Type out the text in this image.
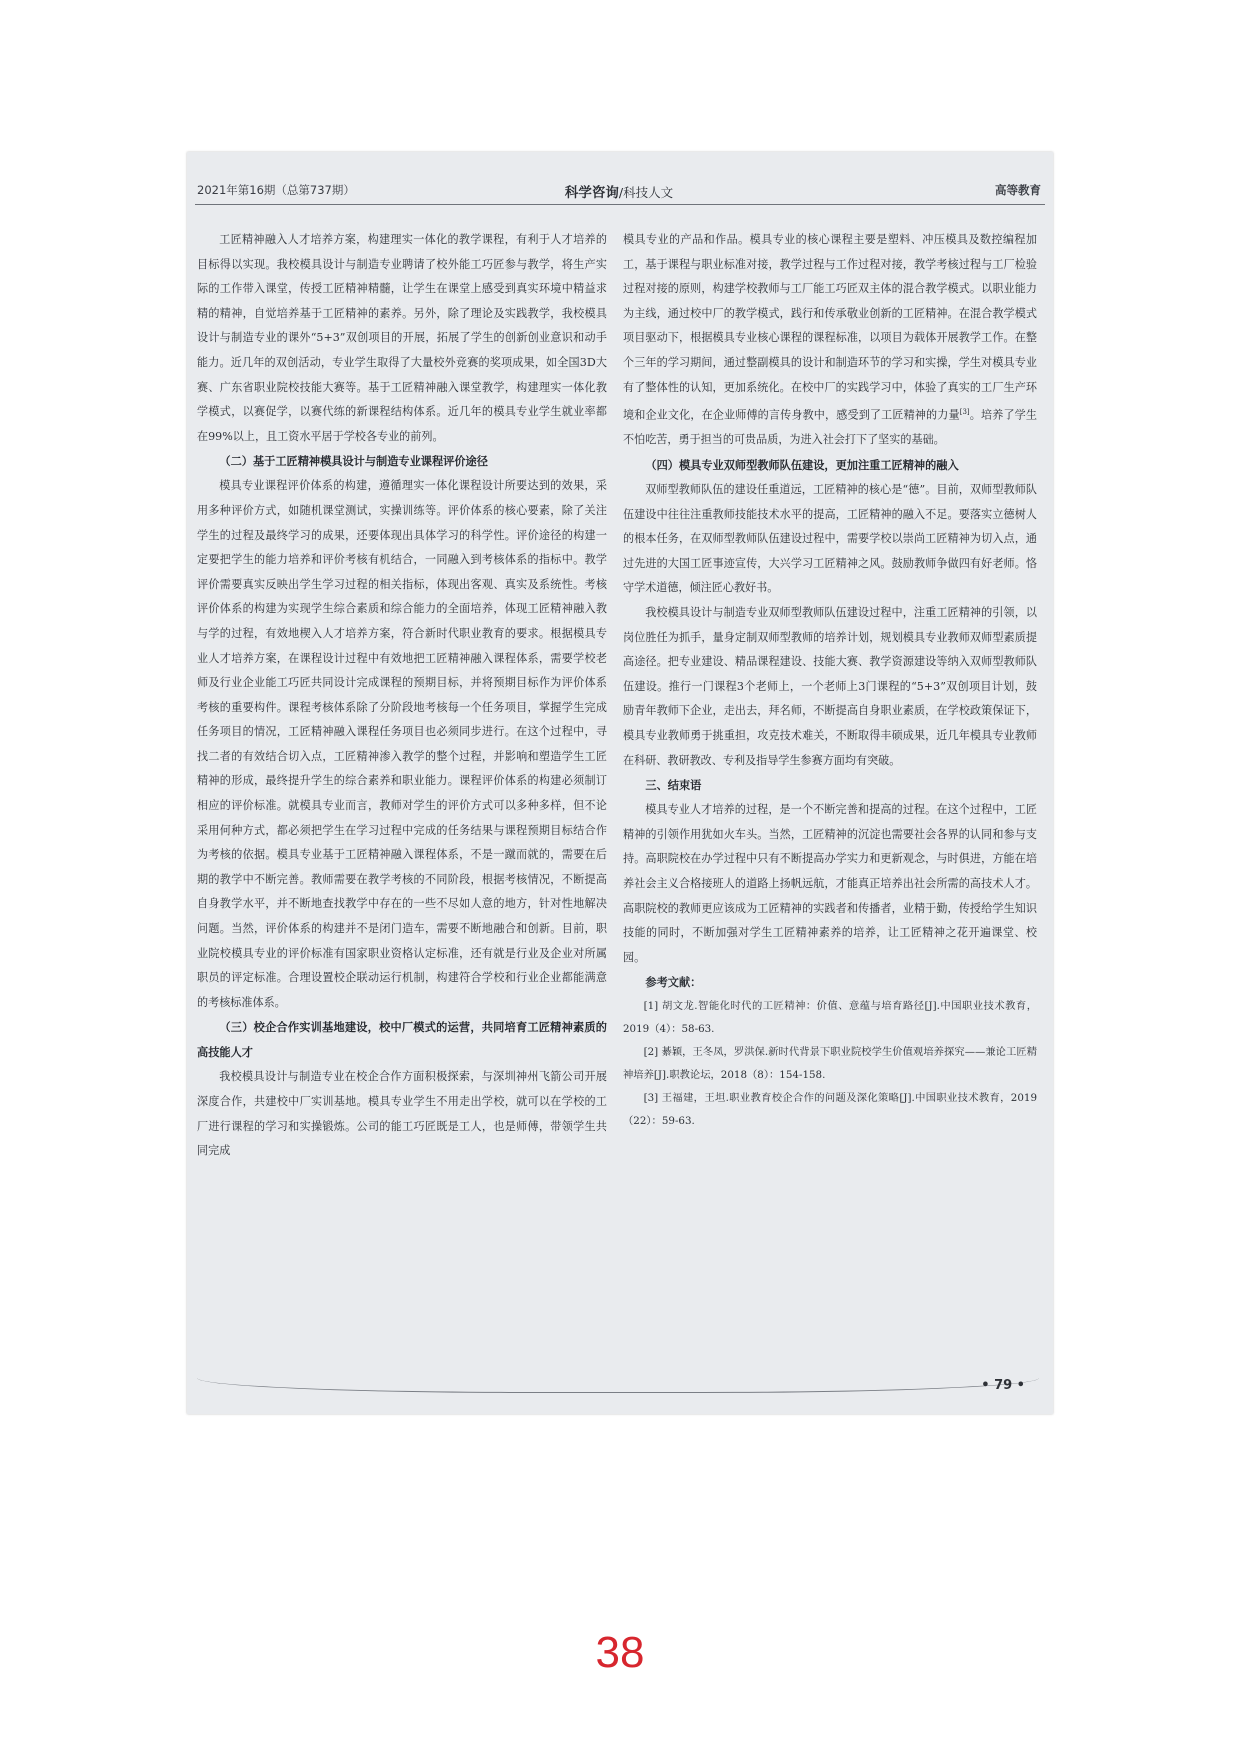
2021年第16期（总第737期）	科学咨询/科技人文	高等教育

工匠精神融入人才培养方案，构建理实一体化的教学课程，有利于人才培养的目标得以实现。我校模具设计与制造专业聘请了校外能工巧匠参与教学，将生产实际的工作带入课堂，传授工匠精神精髓，让学生在课堂上感受到真实环境中精益求精的精神，自觉培养基于工匠精神的素养。另外，除了理论及实践教学，我校模具设计与制造专业的课外“5+3”双创项目的开展，拓展了学生的创新创业意识和动手能力。近几年的双创活动，专业学生取得了大量校外竞赛的奖项成果，如全国3D大赛、广东省职业院校技能大赛等。基于工匠精神融入课堂教学，构建理实一体化教学模式，以赛促学，以赛代练的新课程结构体系。近几年的模具专业学生就业率都在99%以上，且工资水平居于学校各专业的前列。

（二）基于工匠精神模具设计与制造专业课程评价途径

模具专业课程评价体系的构建，遵循理实一体化课程设计所要达到的效果，采用多种评价方式，如随机课堂测试，实操训练等。评价体系的核心要素，除了关注学生的过程及最终学习的成果，还要体现出具体学习的科学性。评价途径的构建一定要把学生的能力培养和评价考核有机结合，一同融入到考核体系的指标中。教学评价需要真实反映出学生学习过程的相关指标，体现出客观、真实及系统性。考核评价体系的构建为实现学生综合素质和综合能力的全面培养，体现工匠精神融入教与学的过程，有效地楔入人才培养方案，符合新时代职业教育的要求。根据模具专业人才培养方案，在课程设计过程中有效地把工匠精神融入课程体系，需要学校老师及行业企业能工巧匠共同设计完成课程的预期目标，并将预期目标作为评价体系考核的重要构件。课程考核体系除了分阶段地考核每一个任务项目，掌握学生完成任务项目的情况，工匠精神融入课程任务项目也必须同步进行。在这个过程中，寻找二者的有效结合切入点，工匠精神渗入教学的整个过程，并影响和塑造学生工匠精神的形成，最终提升学生的综合素养和职业能力。课程评价体系的构建必须制订相应的评价标准。就模具专业而言，教师对学生的评价方式可以多种多样，但不论采用何种方式，都必须把学生在学习过程中完成的任务结果与课程预期目标结合作为考核的依据。模具专业基于工匠精神融入课程体系，不是一蹴而就的，需要在后期的教学中不断完善。教师需要在教学考核的不同阶段，根据考核情况，不断提高自身教学水平，并不断地查找教学中存在的一些不尽如人意的地方，针对性地解决问题。当然，评价体系的构建并不是闭门造车，需要不断地融合和创新。目前，职业院校模具专业的评价标准有国家职业资格认定标准，还有就是行业及企业对所属职员的评定标准。合理设置校企联动运行机制，构建符合学校和行业企业都能满意的考核标准体系。

（三）校企合作实训基地建设，校中厂模式的运营，共同培育工匠精神素质的高技能人才

我校模具设计与制造专业在校企合作方面积极探索，与深圳神州飞箭公司开展深度合作，共建校中厂实训基地。模具专业学生不用走出学校，就可以在学校的工厂进行课程的学习和实操锻炼。公司的能工巧匠既是工人，也是师傅，带领学生共同完成

模具专业的产品和作品。模具专业的核心课程主要是塑料、冲压模具及数控编程加工，基于课程与职业标准对接，教学过程与工作过程对接，教学考核过程与工厂检验过程对接的原则，构建学校教师与工厂能工巧匠双主体的混合教学模式。以职业能力为主线，通过校中厂的教学模式，践行和传承敬业创新的工匠精神。在混合教学模式项目驱动下，根据模具专业核心课程的课程标准，以项目为载体开展教学工作。在整个三年的学习期间，通过整副模具的设计和制造环节的学习和实操，学生对模具专业有了整体性的认知，更加系统化。在校中厂的实践学习中，体验了真实的工厂生产环境和企业文化，在企业师傅的言传身教中，感受到了工匠精神的力量[3]。培养了学生不怕吃苦，勇于担当的可贵品质，为进入社会打下了坚实的基础。

（四）模具专业双师型教师队伍建设，更加注重工匠精神的融入

双师型教师队伍的建设任重道远，工匠精神的核心是“德”。目前，双师型教师队伍建设中往往注重教师技能技术水平的提高，工匠精神的融入不足。要落实立德树人的根本任务，在双师型教师队伍建设过程中，需要学校以崇尚工匠精神为切入点，通过先进的大国工匠事迹宣传，大兴学习工匠精神之风。鼓励教师争做四有好老师。恪守学术道德，倾注匠心教好书。

我校模具设计与制造专业双师型教师队伍建设过程中，注重工匠精神的引领，以岗位胜任为抓手，量身定制双师型教师的培养计划，规划模具专业教师双师型素质提高途径。把专业建设、精品课程建设、技能大赛、教学资源建设等纳入双师型教师队伍建设。推行一门课程3个老师上，一个老师上3门课程的“5+3”双创项目计划，鼓励青年教师下企业，走出去，拜名师，不断提高自身职业素质，在学校政策保证下，模具专业教师勇于挑重担，攻克技术难关，不断取得丰硕成果，近几年模具专业教师在科研、教研教改、专利及指导学生参赛方面均有突破。

三、结束语

模具专业人才培养的过程，是一个不断完善和提高的过程。在这个过程中，工匠精神的引领作用犹如火车头。当然，工匠精神的沉淀也需要社会各界的认同和参与支持。高职院校在办学过程中只有不断提高办学实力和更新观念，与时俱进，方能在培养社会主义合格接班人的道路上扬帆远航，才能真正培养出社会所需的高技术人才。高职院校的教师更应该成为工匠精神的实践者和传播者，业精于勤，传授给学生知识技能的同时，不断加强对学生工匠精神素养的培养，让工匠精神之花开遍课堂、校园。

参考文献：
[1] 胡文龙.智能化时代的工匠精神：价值、意蕴与培育路径[J].中国职业技术教育，2019（4）：58-63.
[2] 綦颖，王冬凤，罗洪保.新时代背景下职业院校学生价值观培养探究——兼论工匠精神培养[J].职教论坛，2018（8）：154-158.
[3] 王福建，王坦.职业教育校企合作的问题及深化策略[J].中国职业技术教育，2019（22）：59-63.
• 79 •
38
